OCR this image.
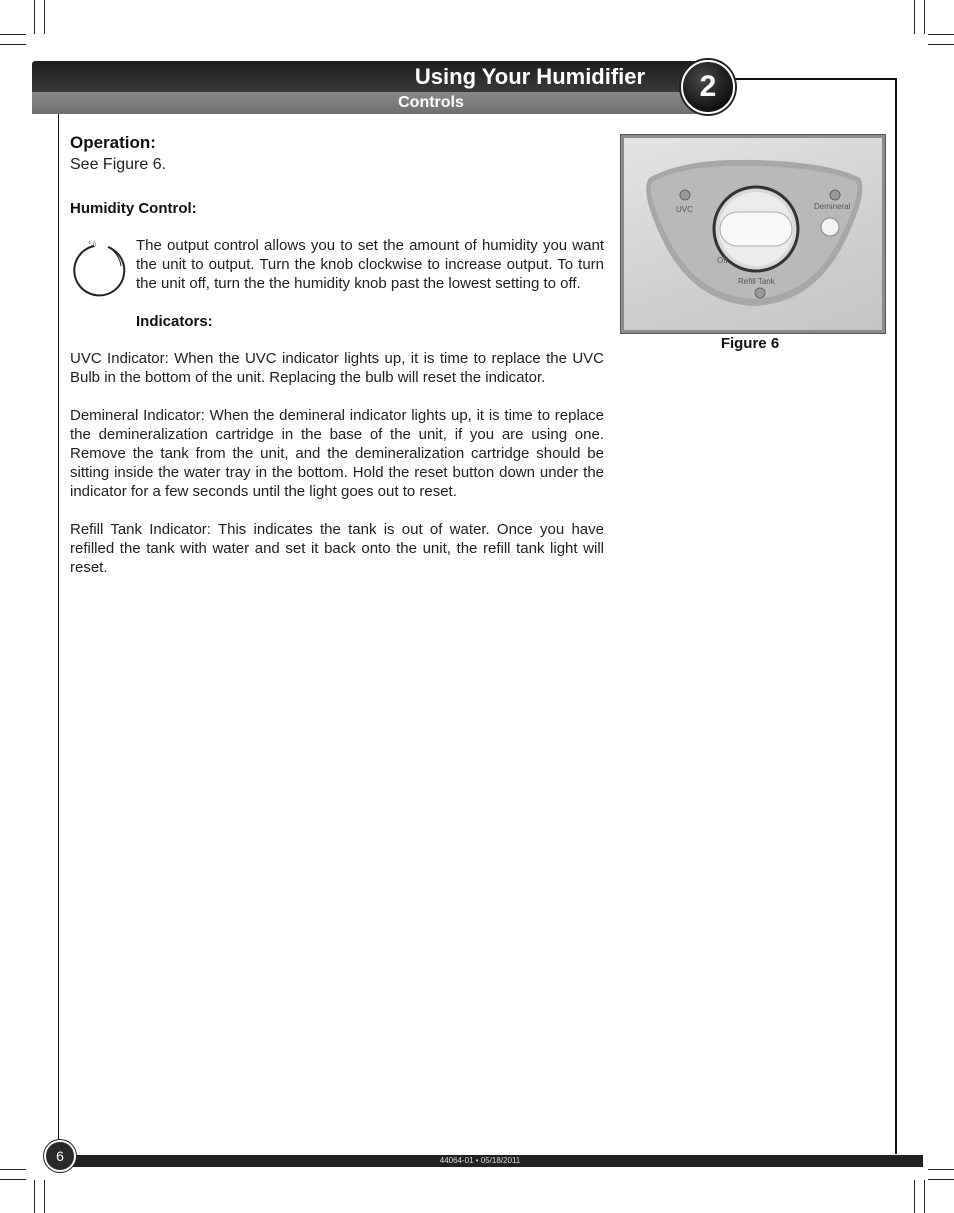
Using Your Humidifier
Controls	2
Operation:
See Figure 6.
Humidity Control:
° ◊	The output control allows you to set the amount of humidity you want the unit to output. Turn the knob clockwise to increase output. To turn the unit off, turn the the humidity knob past the lowest setting to off.
Indicators:
UVC Indicator: When the UVC indicator lights up, it is time to replace the UVC Bulb in the bottom of the unit. Replacing the bulb will reset the indicator.
Demineral Indicator: When the demineral indicator lights up, it is time to replace the demineralization cartridge in the base of the unit, if you are using one. Remove the tank from the unit, and the demineralization cartridge should be sitting inside the water tray in the bottom. Hold the reset button down under the indicator for a few seconds until the light goes out to reset.
Refill Tank Indicator: This indicates the tank is out of water. Once you have refilled the tank with water and set it back onto the unit, the refill tank light will reset.
UVC	Demineral
Off
Refill Tank
Figure 6
44064-01 • 05/18/2011
6
